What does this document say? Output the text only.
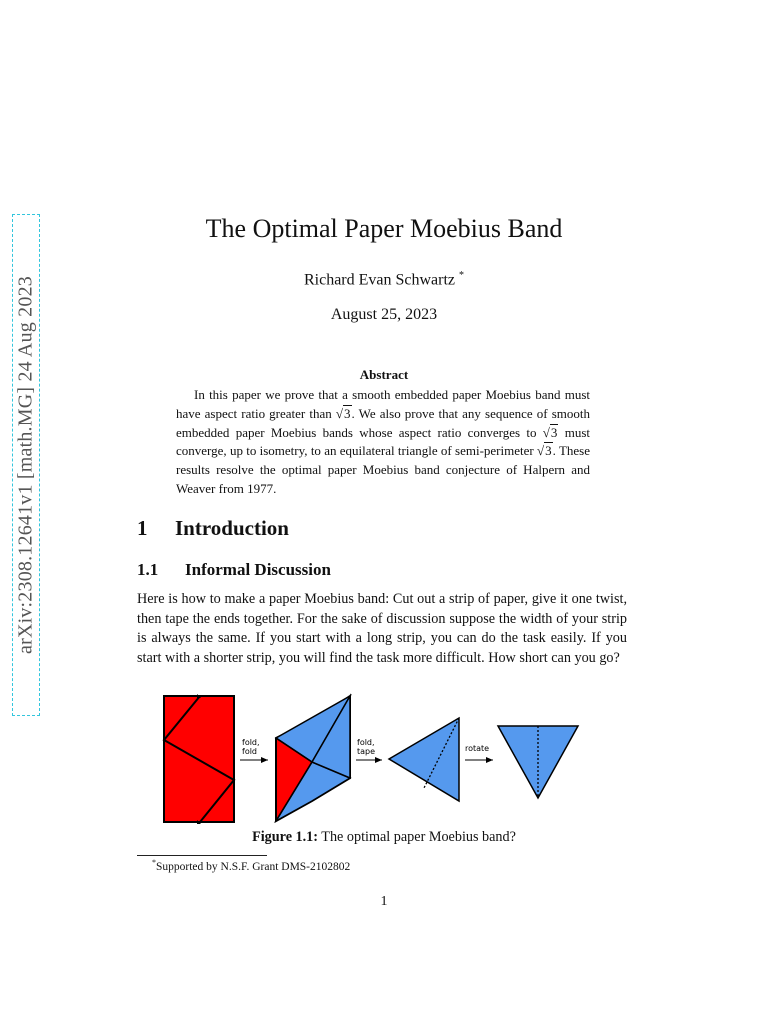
arXiv:2308.12641v1 [math.MG] 24 Aug 2023
The Optimal Paper Moebius Band
Richard Evan Schwartz *
August 25, 2023
Abstract

In this paper we prove that a smooth embedded paper Moebius band must have aspect ratio greater than √3. We also prove that any sequence of smooth embedded paper Moebius bands whose aspect ratio converges to √3 must converge, up to isometry, to an equilateral triangle of semi-perimeter √3. These results resolve the optimal paper Moebius band conjecture of Halpern and Weaver from 1977.

1 Introduction
1.1 Informal Discussion

Here is how to make a paper Moebius band: Cut out a strip of paper, give it one twist, then tape the ends together. For the sake of discussion suppose the width of your strip is always the same. If you start with a long strip, you can do the task easily. If you start with a shorter strip, you will find the task more difficult. How short can you go?

fold,
fold
fold,
tape	rotate
Figure 1.1: The optimal paper Moebius band?
*Supported by N.S.F. Grant DMS-2102802
1
